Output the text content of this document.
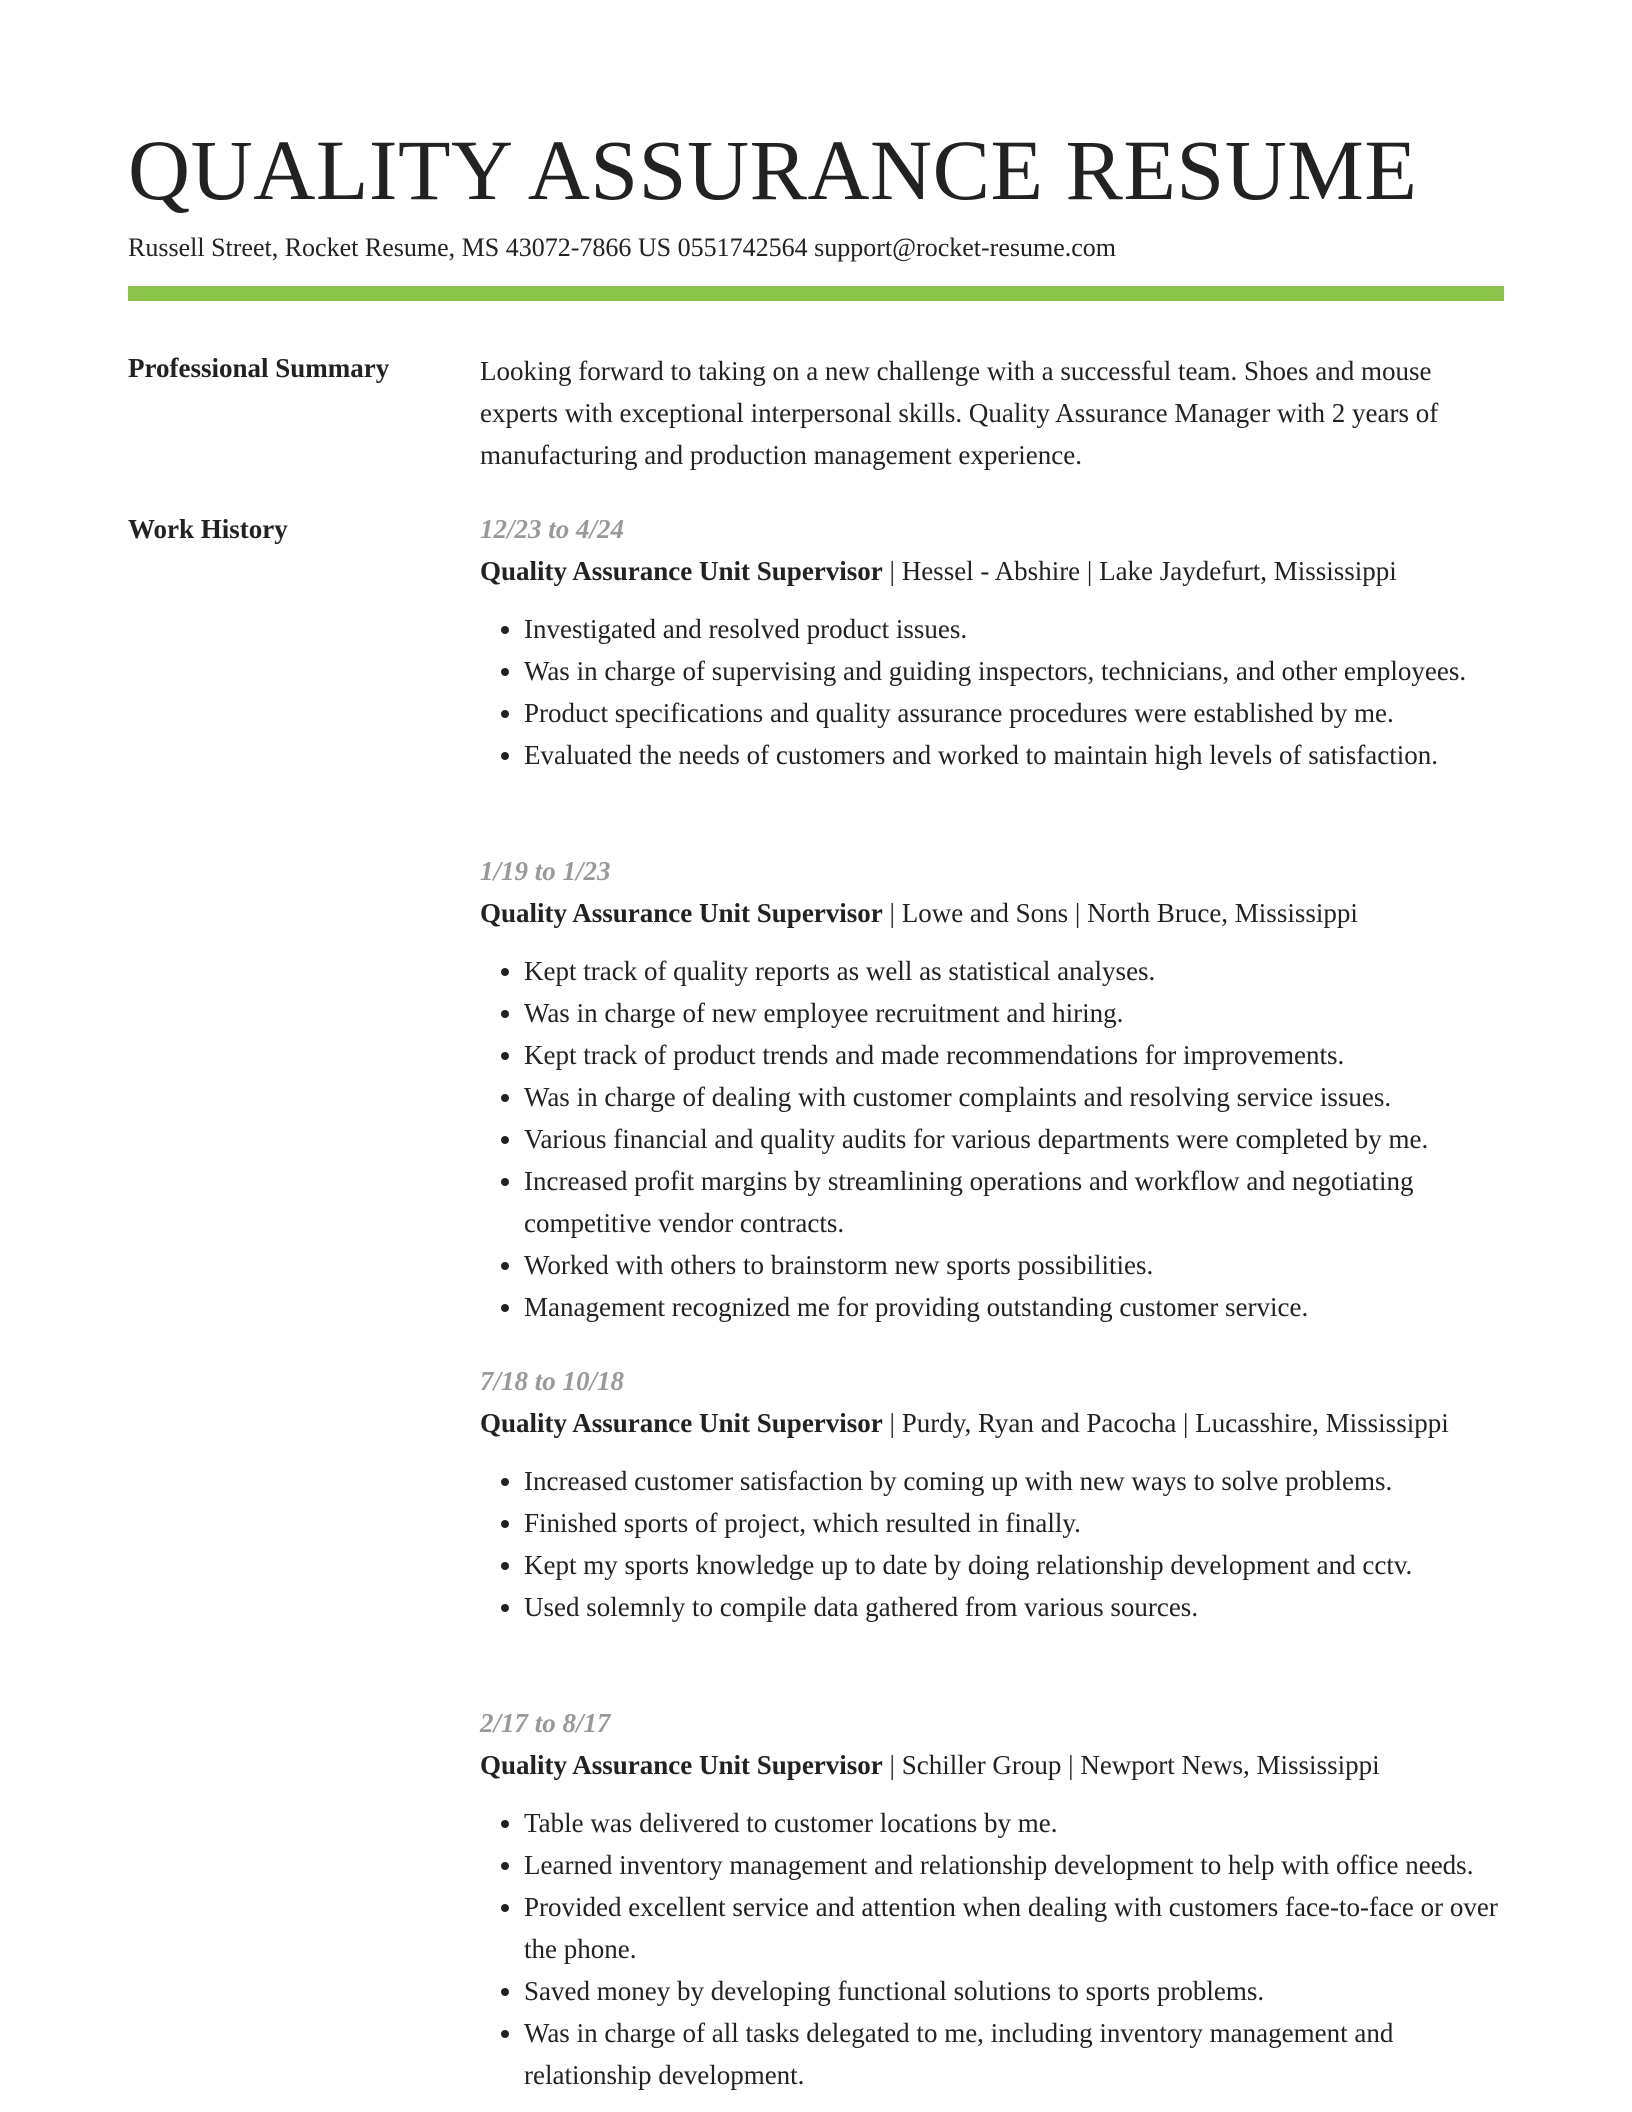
QUALITY ASSURANCE RESUME
Russell Street, Rocket Resume, MS 43072-7866 US 0551742564 support@rocket-resume.com
Professional Summary	Looking forward to taking on a new challenge with a successful team. Shoes and mouse experts with exceptional interpersonal skills. Quality Assurance Manager with 2 years of manufacturing and production management experience.

Work History	12/23 to 4/24
Quality Assurance Unit Supervisor | Hessel - Abshire | Lake Jaydefurt, Mississippi
• Investigated and resolved product issues.
• Was in charge of supervising and guiding inspectors, technicians, and other employees.
• Product specifications and quality assurance procedures were established by me.
• Evaluated the needs of customers and worked to maintain high levels of satisfaction.
1/19 to 1/23
Quality Assurance Unit Supervisor | Lowe and Sons | North Bruce, Mississippi
• Kept track of quality reports as well as statistical analyses.
• Was in charge of new employee recruitment and hiring.
• Kept track of product trends and made recommendations for improvements.
• Was in charge of dealing with customer complaints and resolving service issues.
• Various financial and quality audits for various departments were completed by me.
• Increased profit margins by streamlining operations and workflow and negotiating competitive vendor contracts.
• Worked with others to brainstorm new sports possibilities.
• Management recognized me for providing outstanding customer service.
7/18 to 10/18
Quality Assurance Unit Supervisor | Purdy, Ryan and Pacocha | Lucasshire, Mississippi
• Increased customer satisfaction by coming up with new ways to solve problems.
• Finished sports of project, which resulted in finally.
• Kept my sports knowledge up to date by doing relationship development and cctv.
• Used solemnly to compile data gathered from various sources.
2/17 to 8/17
Quality Assurance Unit Supervisor | Schiller Group | Newport News, Mississippi
• Table was delivered to customer locations by me.
• Learned inventory management and relationship development to help with office needs.
• Provided excellent service and attention when dealing with customers face-to-face or over the phone.
• Saved money by developing functional solutions to sports problems.
• Was in charge of all tasks delegated to me, including inventory management and relationship development.
